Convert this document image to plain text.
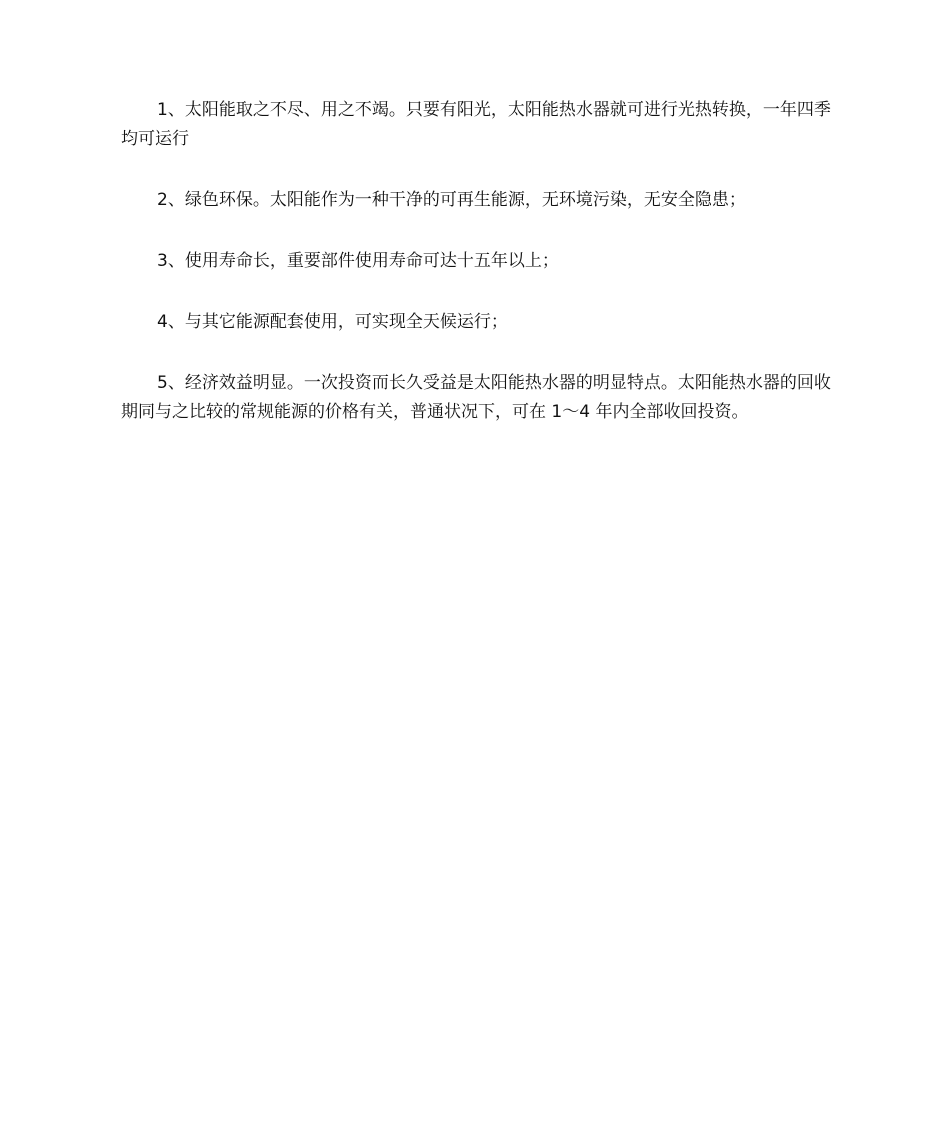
1、太阳能取之不尽、用之不竭。只要有阳光，太阳能热水器就可进行光热转换，一年四季均可运行

2、绿色环保。太阳能作为一种干净的可再生能源，无环境污染，无安全隐患；

3、使用寿命长，重要部件使用寿命可达十五年以上；

4、与其它能源配套使用，可实现全天候运行；

5、经济效益明显。一次投资而长久受益是太阳能热水器的明显特点。太阳能热水器的回收期同与之比较的常规能源的价格有关，普通状况下，可在 1～4 年内全部收回投资。
